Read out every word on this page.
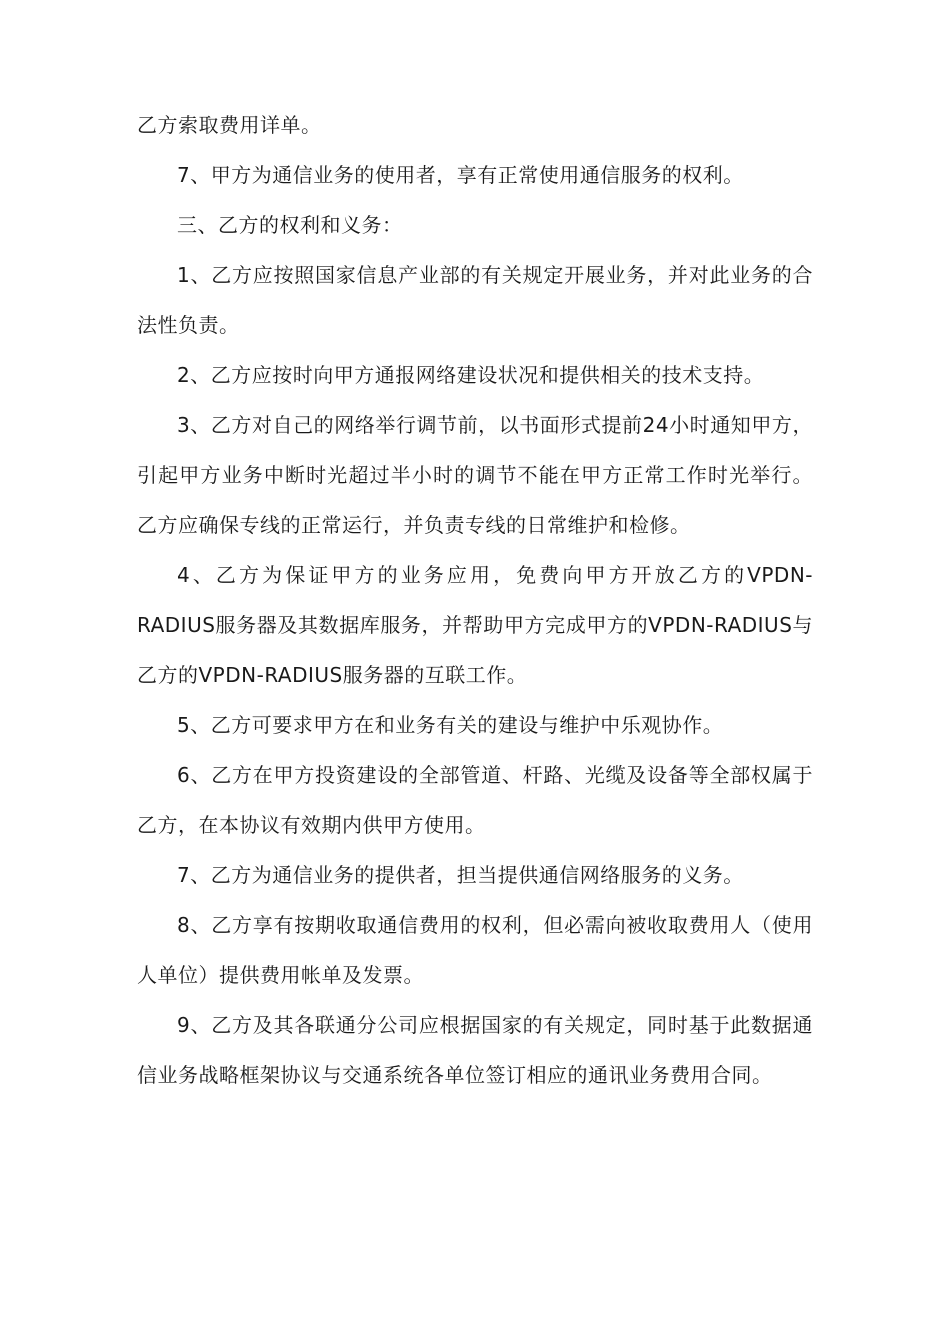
乙方索取费用详单。

7、甲方为通信业务的使用者，享有正常使用通信服务的权利。

三、乙方的权利和义务：

1、乙方应按照国家信息产业部的有关规定开展业务，并对此业务的合法性负责。

2、乙方应按时向甲方通报网络建设状况和提供相关的技术支持。

3、乙方对自己的网络举行调节前，以书面形式提前24小时通知甲方，引起甲方业务中断时光超过半小时的调节不能在甲方正常工作时光举行。乙方应确保专线的正常运行，并负责专线的日常维护和检修。

4、乙方为保证甲方的业务应用，免费向甲方开放乙方的VPDN-RADIUS服务器及其数据库服务，并帮助甲方完成甲方的VPDN-RADIUS与乙方的VPDN-RADIUS服务器的互联工作。

5、乙方可要求甲方在和业务有关的建设与维护中乐观协作。

6、乙方在甲方投资建设的全部管道、杆路、光缆及设备等全部权属于乙方，在本协议有效期内供甲方使用。

7、乙方为通信业务的提供者，担当提供通信网络服务的义务。

8、乙方享有按期收取通信费用的权利，但必需向被收取费用人（使用人单位）提供费用帐单及发票。

9、乙方及其各联通分公司应根据国家的有关规定，同时基于此数据通信业务战略框架协议与交通系统各单位签订相应的通讯业务费用合同。
